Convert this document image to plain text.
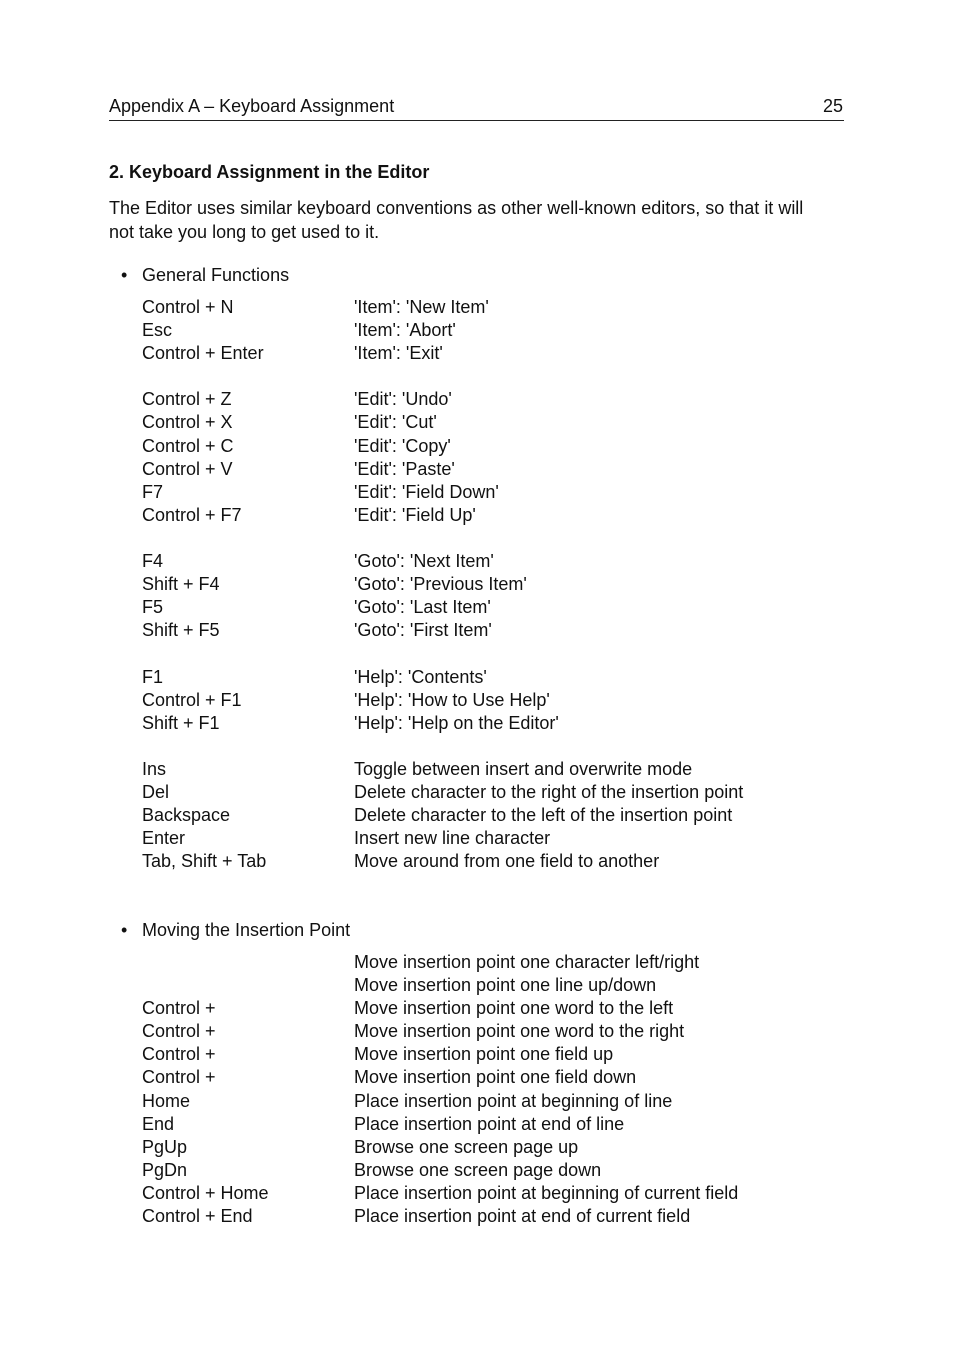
Appendix A – Keyboard Assignment	25
2. Keyboard Assignment in the Editor
The Editor uses similar keyboard conventions as other well-known editors, so that it will
not take you long to get used to it.
• General Functions
Control + N	'Item': 'New Item'
Esc	'Item': 'Abort'
Control + Enter	'Item': 'Exit'
Control + Z	'Edit': 'Undo'
Control + X	'Edit': 'Cut'
Control + C	'Edit': 'Copy'
Control + V	'Edit': 'Paste'
F7	'Edit': 'Field Down'
Control + F7	'Edit': 'Field Up'
F4	'Goto': 'Next Item'
Shift + F4	'Goto': 'Previous Item'
F5	'Goto': 'Last Item'
Shift + F5	'Goto': 'First Item'
F1	'Help': 'Contents'
Control + F1	'Help': 'How to Use Help'
Shift + F1	'Help': 'Help on the Editor'
Ins	Toggle between insert and overwrite mode
Del	Delete character to the right of the insertion point
Backspace	Delete character to the left of the insertion point
Enter	Insert new line character
Tab, Shift + Tab	Move around from one field to another
• Moving the Insertion Point
Move insertion point one character left/right
Move insertion point one line up/down
Control +	Move insertion point one word to the left
Control +	Move insertion point one word to the right
Control +	Move insertion point one field up
Control +	Move insertion point one field down
Home	Place insertion point at beginning of line
End	Place insertion point at end of line
PgUp	Browse one screen page up
PgDn	Browse one screen page down
Control + Home	Place insertion point at beginning of current field
Control + End	Place insertion point at end of current field
